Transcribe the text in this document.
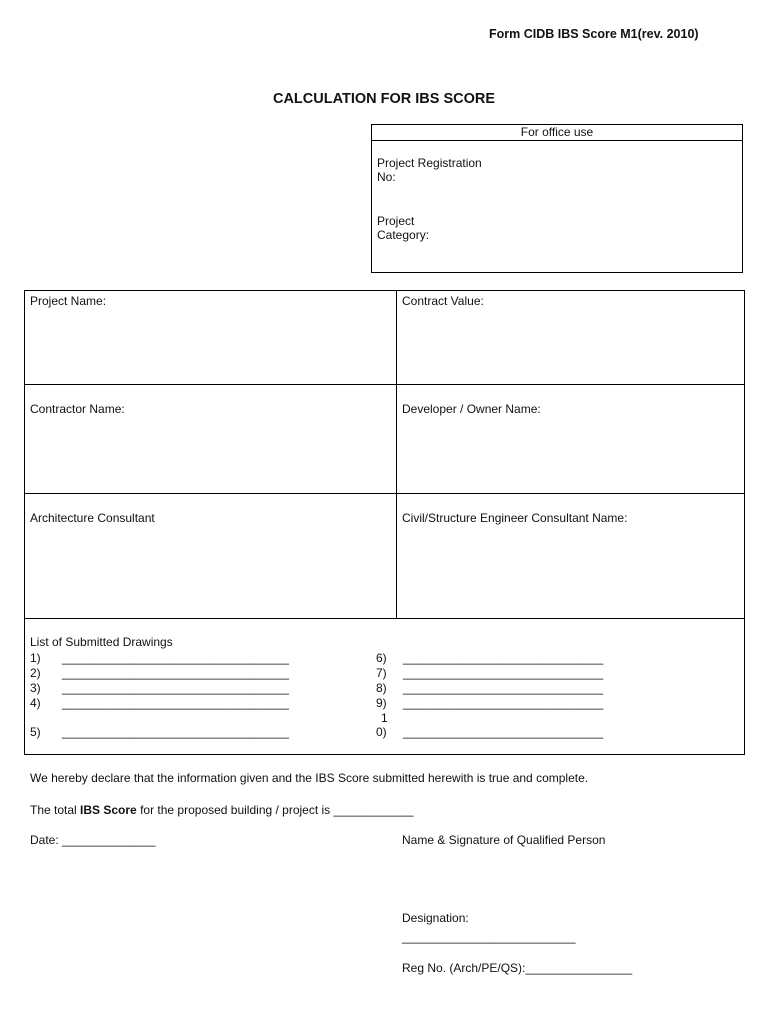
Form CIDB IBS Score M1(rev. 2010)
CALCULATION FOR IBS SCORE
For office use
Project Registration
No:
Project
Category:
Project Name:	Contract Value:
Contractor Name:	Developer / Owner Name:
Architecture Consultant	Civil/Structure Engineer Consultant Name:
List of Submitted Drawings
1) __________________________________
2) __________________________________
3) __________________________________
4) __________________________________
5) __________________________________
6) ______________________________
7) ______________________________
8) ______________________________
9) ______________________________
1
0) ______________________________
We hereby declare that the information given and the IBS Score submitted herewith is true and complete.
The total IBS Score for the proposed building / project is ____________
Date: ______________	Name & Signature of Qualified Person
Designation:
__________________________
Reg No. (Arch/PE/QS):________________
